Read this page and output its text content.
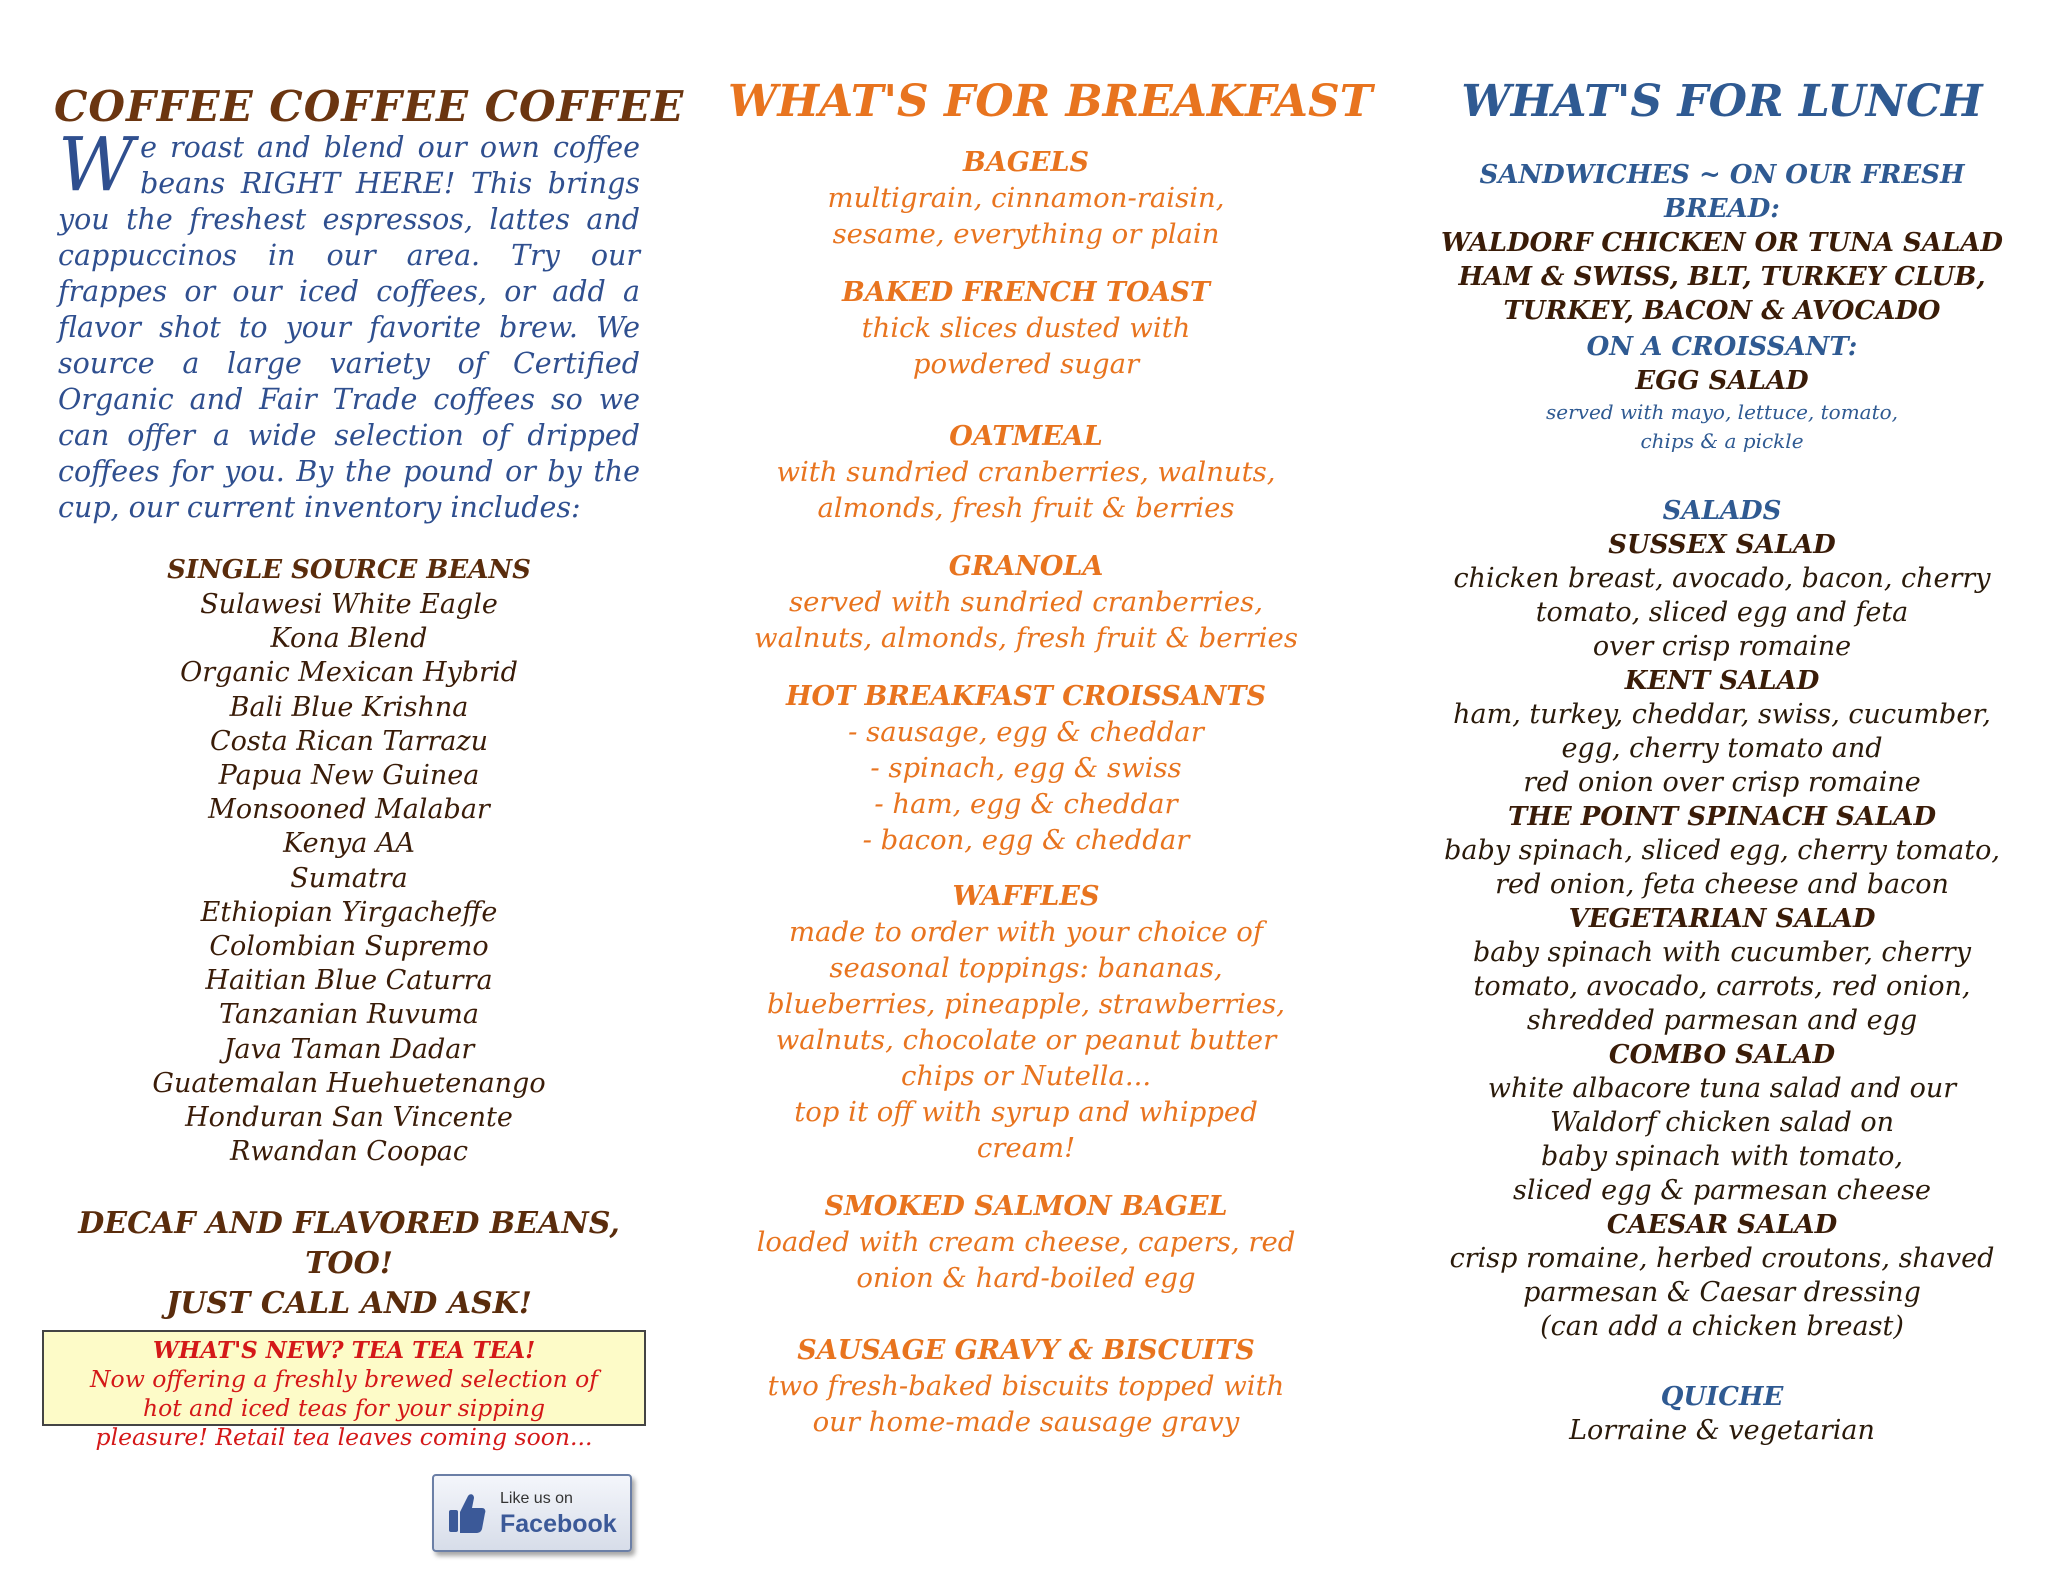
COFFEE COFFEE COFFEE

We roast and blend our own coffee beans RIGHT HERE! This brings you the freshest espressos, lattes and cappuccinos in our area. Try our frappes or our iced coffees, or add a flavor shot to your favorite brew. We source a large variety of Certified Organic and Fair Trade coffees so we can offer a wide selection of dripped coffees for you. By the pound or by the cup, our current inventory includes:

SINGLE SOURCE BEANS
Sulawesi White Eagle
Kona Blend
Organic Mexican Hybrid
Bali Blue Krishna
Costa Rican Tarrazu
Papua New Guinea
Monsooned Malabar
Kenya AA
Sumatra
Ethiopian Yirgacheffe
Colombian Supremo
Haitian Blue Caturra
Tanzanian Ruvuma
Java Taman Dadar
Guatemalan Huehuetenango
Honduran San Vincente
Rwandan Coopac
DECAF AND FLAVORED BEANS, TOO!
JUST CALL AND ASK!
WHAT'S NEW? TEA TEA TEA!
Now offering a freshly brewed selection of
hot and iced teas for your sipping
pleasure! Retail tea leaves coming soon...
Like us on
Facebook
WHAT'S FOR BREAKFAST
BAGELS
multigrain, cinnamon-raisin,
sesame, everything or plain
BAKED FRENCH TOAST
thick slices dusted with
powdered sugar
OATMEAL
with sundried cranberries, walnuts,
almonds, fresh fruit & berries
GRANOLA
served with sundried cranberries,
walnuts, almonds, fresh fruit & berries
HOT BREAKFAST CROISSANTS
- sausage, egg & cheddar
- spinach, egg & swiss
- ham, egg & cheddar
- bacon, egg & cheddar
WAFFLES
made to order with your choice of
seasonal toppings: bananas,
blueberries, pineapple, strawberries,
walnuts, chocolate or peanut butter
chips or Nutella...
top it off with syrup and whipped
cream!
SMOKED SALMON BAGEL
loaded with cream cheese, capers, red
onion & hard-boiled egg
SAUSAGE GRAVY & BISCUITS
two fresh-baked biscuits topped with
our home-made sausage gravy
WHAT'S FOR LUNCH
SANDWICHES ~ ON OUR FRESH BREAD:
WALDORF CHICKEN OR TUNA SALAD
HAM & SWISS, BLT, TURKEY CLUB,
TURKEY, BACON & AVOCADO
ON A CROISSANT:
EGG SALAD
served with mayo, lettuce, tomato,
chips & a pickle
SALADS
SUSSEX SALAD
chicken breast, avocado, bacon, cherry
tomato, sliced egg and feta
over crisp romaine
KENT SALAD
ham, turkey, cheddar, swiss, cucumber,
egg, cherry tomato and
red onion over crisp romaine
THE POINT SPINACH SALAD
baby spinach, sliced egg, cherry tomato,
red onion, feta cheese and bacon
VEGETARIAN SALAD
baby spinach with cucumber, cherry
tomato, avocado, carrots, red onion,
shredded parmesan and egg
COMBO SALAD
white albacore tuna salad and our
Waldorf chicken salad on
baby spinach with tomato,
sliced egg & parmesan cheese
CAESAR SALAD
crisp romaine, herbed croutons, shaved
parmesan & Caesar dressing
(can add a chicken breast)
QUICHE
Lorraine & vegetarian
